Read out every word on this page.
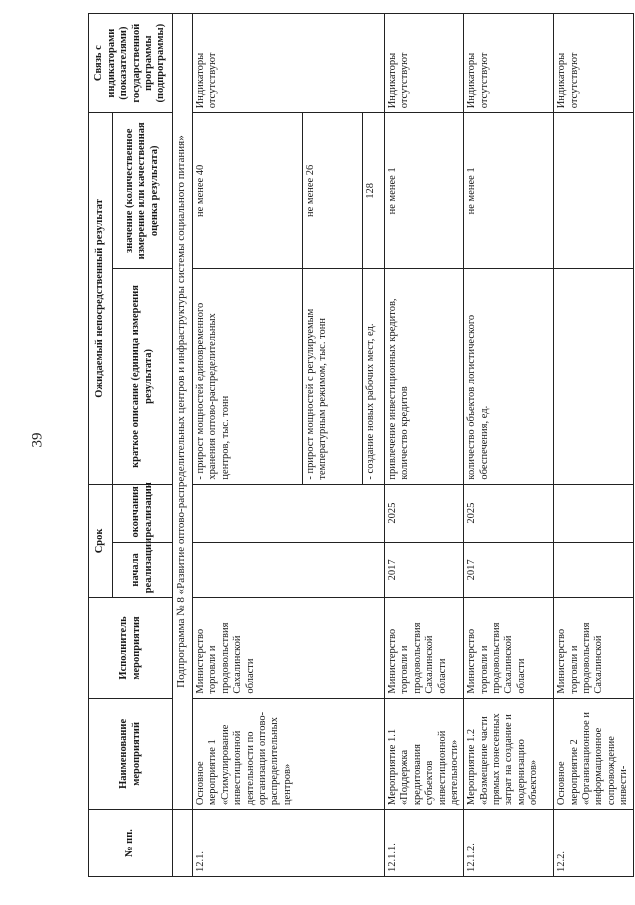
39
№ пп.	Наименование мероприятий	Исполнитель мероприятия	Срок		Ожидаемый непосредственный результат		Связь с индикаторами (показателями) государственной программы (подпрограммы)
			начала реализации	окончания реализации	краткое описание (единица измерения результата)	значение (количественное измерение или качественная оценка результата)	
	Подпрограмма № 8 «Развитие оптово-распределительных центров и инфраструктуры системы социального питания»						
12.1.	Основное мероприятие 1 «Стимулирование инвестиционной деятельности по организации оптово-распределительных центров»	Министерство торговли и продовольствия Сахалинской области			- прирост мощностей единовременного хранения оптово-распределительных центров, тыс. тонн	не менее 40	Индикаторы отсутствуют
					- прирост мощностей с регулируемым температурным режимом, тыс. тонн	не менее 26	
					- создание новых рабочих мест, ед.	128	
12.1.1.	Мероприятие 1.1 «Поддержка кредитования субъектов инвестиционной деятельности»	Министерство торговли и продовольствия Сахалинской области	2017	2025	привлечение инвестиционных кредитов, количество кредитов	не менее 1	Индикаторы отсутствуют
12.1.2.	Мероприятие 1.2 «Возмещение части прямых понесенных затрат на создание и модернизацию объектов»	Министерство торговли и продовольствия Сахалинской области	2017	2025	количество объектов логистического обеспечения, ед.	не менее 1	Индикаторы отсутствуют
12.2.	Основное мероприятие 2 «Организационное и информационное сопровождение инвести-	Министерство торговли и продовольствия Сахалинской					Индикаторы отсутствуют
